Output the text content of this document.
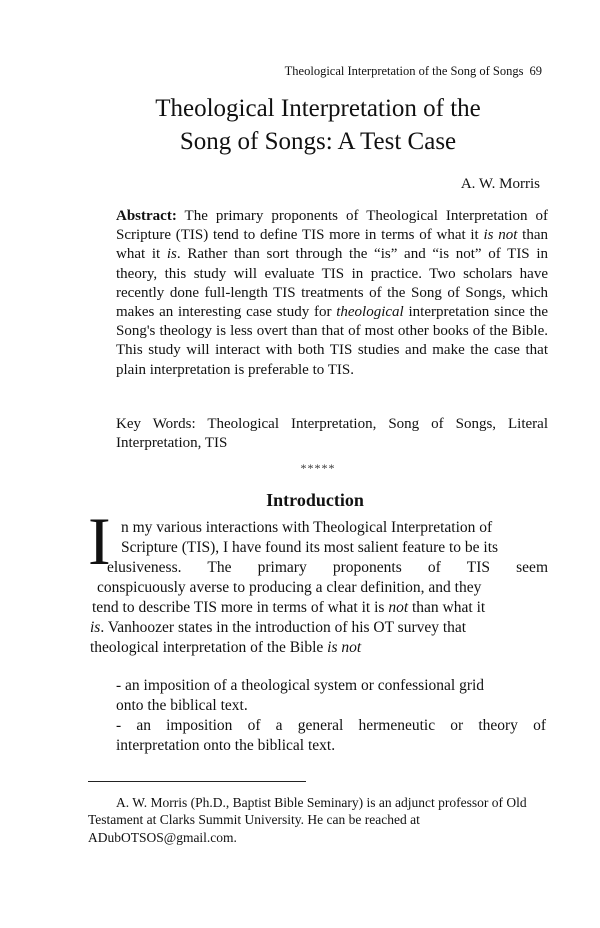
Theological Interpretation of the Song of Songs 69
Theological Interpretation of the
Song of Songs: A Test Case
A. W. Morris

Abstract: The primary proponents of Theological Interpretation of Scripture (TIS) tend to define TIS more in terms of what it is not than what it is. Rather than sort through the “is” and “is not” of TIS in theory, this study will evaluate TIS in practice. Two scholars have recently done full-length TIS treatments of the Song of Songs, which makes an interesting case study for theological interpretation since the Song's theology is less overt than that of most other books of the Bible. This study will interact with both TIS studies and make the case that plain interpretation is preferable to TIS.

Key Words: Theological Interpretation, Song of Songs, Literal Interpretation, TIS

*****
Introduction
I n my various interactions with Theological Interpretation of
Scripture (TIS), I have found its most salient feature to be its
elusiveness. The primary proponents of TIS seem
conspicuously averse to producing a clear definition, and they
tend to describe TIS more in terms of what it is not than what it
is. Vanhoozer states in the introduction of his OT survey that
theological interpretation of the Bible is not
- an imposition of a theological system or confessional grid
onto the biblical text.
- an imposition of a general hermeneutic or theory of
interpretation onto the biblical text.

A. W. Morris (Ph.D., Baptist Bible Seminary) is an adjunct professor of Old Testament at Clarks Summit University. He can be reached at ADubOTSOS@gmail.com.
